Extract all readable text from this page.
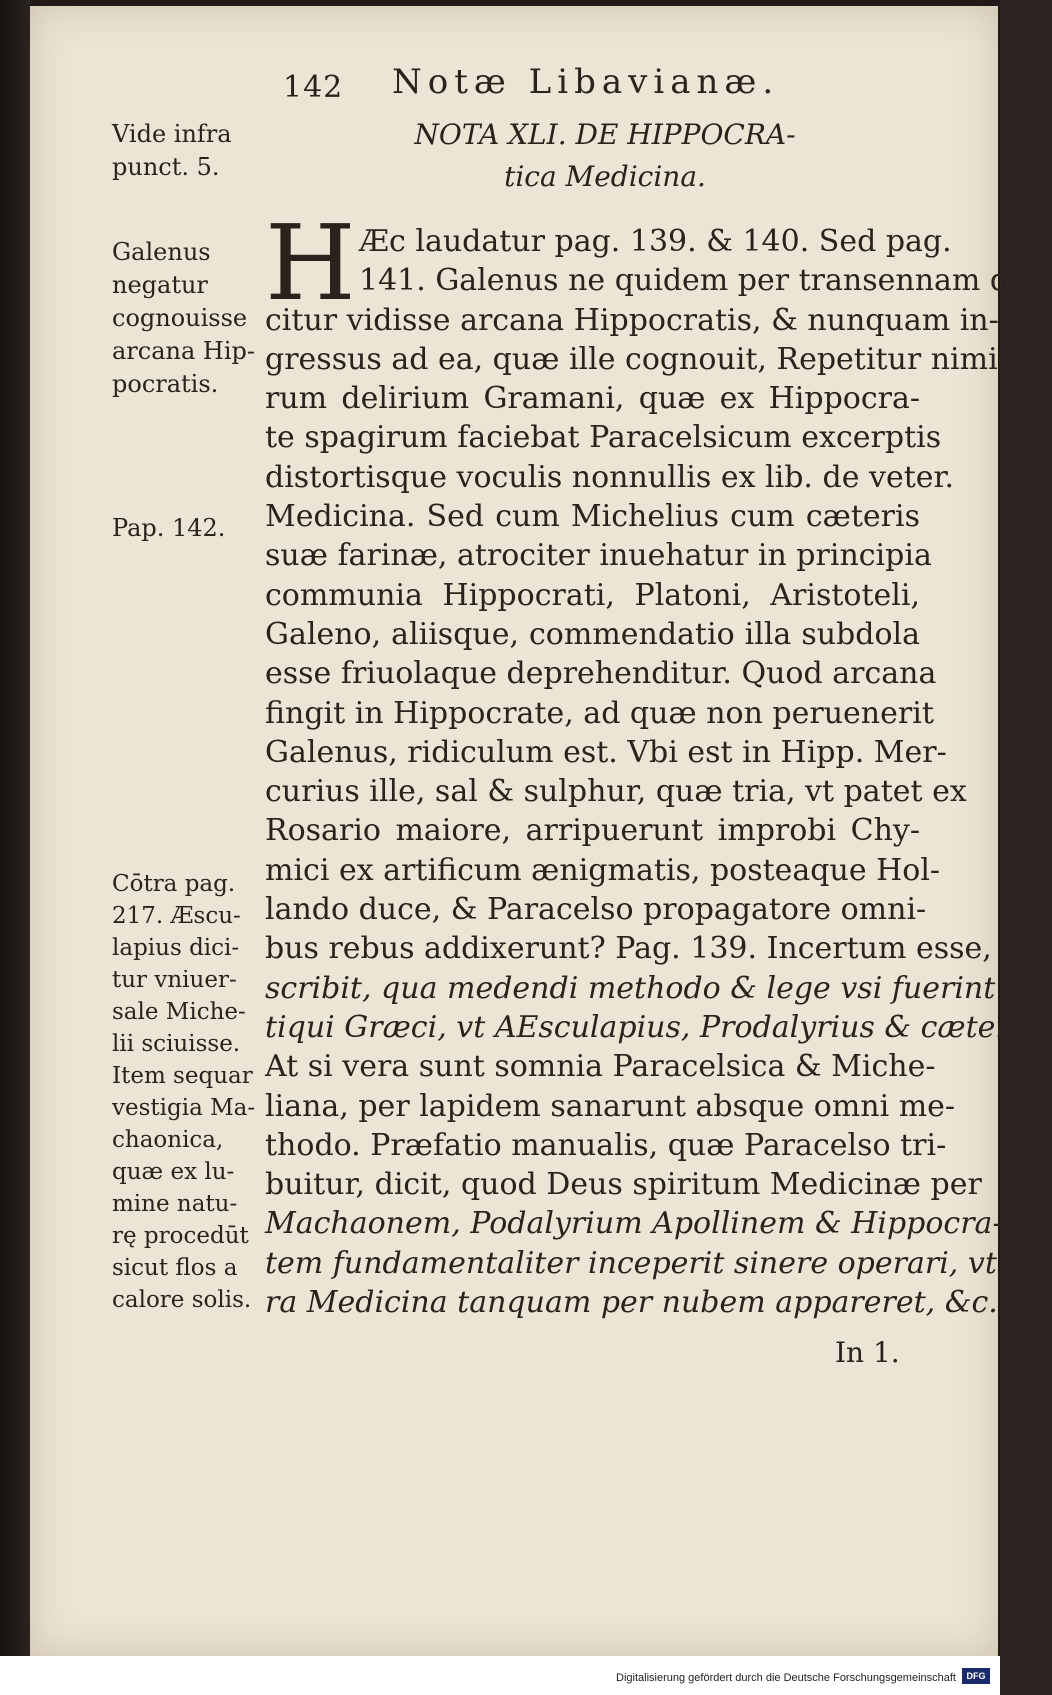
142 Notæ Libavianæ.
NOTA XLI. DE HIPPOCRA-
tica Medicina.
Vide infra
punct. 5.
Galenus
negatur
cognouisse
arcana Hip-
pocratis.
Pap. 142.
Cōtra pag.
217. Æscu-
lapius dici-
tur vniuer-
sale Miche-
lii sciuisse.
Item sequar
vestigia Ma-
chaonica,
quæ ex lu-
mine natu-
rę procedūt
sicut flos a
calore solis.
H Æc laudatur pag. 139. & 140. Sed pag.
141. Galenus ne quidem per transennam di-
citur vidisse arcana Hippocratis, & nunquam in-
gressus ad ea, quæ ille cognouit, Repetitur nimi-
rum delirium Gramani, quæ ex Hippocra-
te spagirum faciebat Paracelsicum excerptis
distortisque voculis nonnullis ex lib. de veter.
Medicina. Sed cum Michelius cum cæteris
suæ farinæ, atrociter inuehatur in principia
communia Hippocrati, Platoni, Aristoteli,
Galeno, aliisque, commendatio illa subdola
esse friuolaque deprehenditur. Quod arcana
fingit in Hippocrate, ad quæ non peruenerit
Galenus, ridiculum est. Vbi est in Hipp. Mer-
curius ille, sal & sulphur, quæ tria, vt patet ex
Rosario maiore, arripuerunt improbi Chy-
mici ex artificum ænigmatis, posteaque Hol-
lando duce, & Paracelso propagatore omni-
bus rebus addixerunt? Pag. 139. Incertum esse,
scribit, qua medendi methodo & lege vsi fuerint an-
tiqui Græci, vt AEsculapius, Prodalyrius & cæteri.
At si vera sunt somnia Paracelsica & Miche-
liana, per lapidem sanarunt absque omni me-
thodo. Præfatio manualis, quæ Paracelso tri-
buitur, dicit, quod Deus spiritum Medicinæ per
Machaonem, Podalyrium Apollinem & Hippocra-
tem fundamentaliter inceperit sinere operari, vt ve-
ra Medicina tanquam per nubem appareret, &c.
In 1.
Digitalisierung gefördert durch die Deutsche Forschungsgemeinschaft	DFG
